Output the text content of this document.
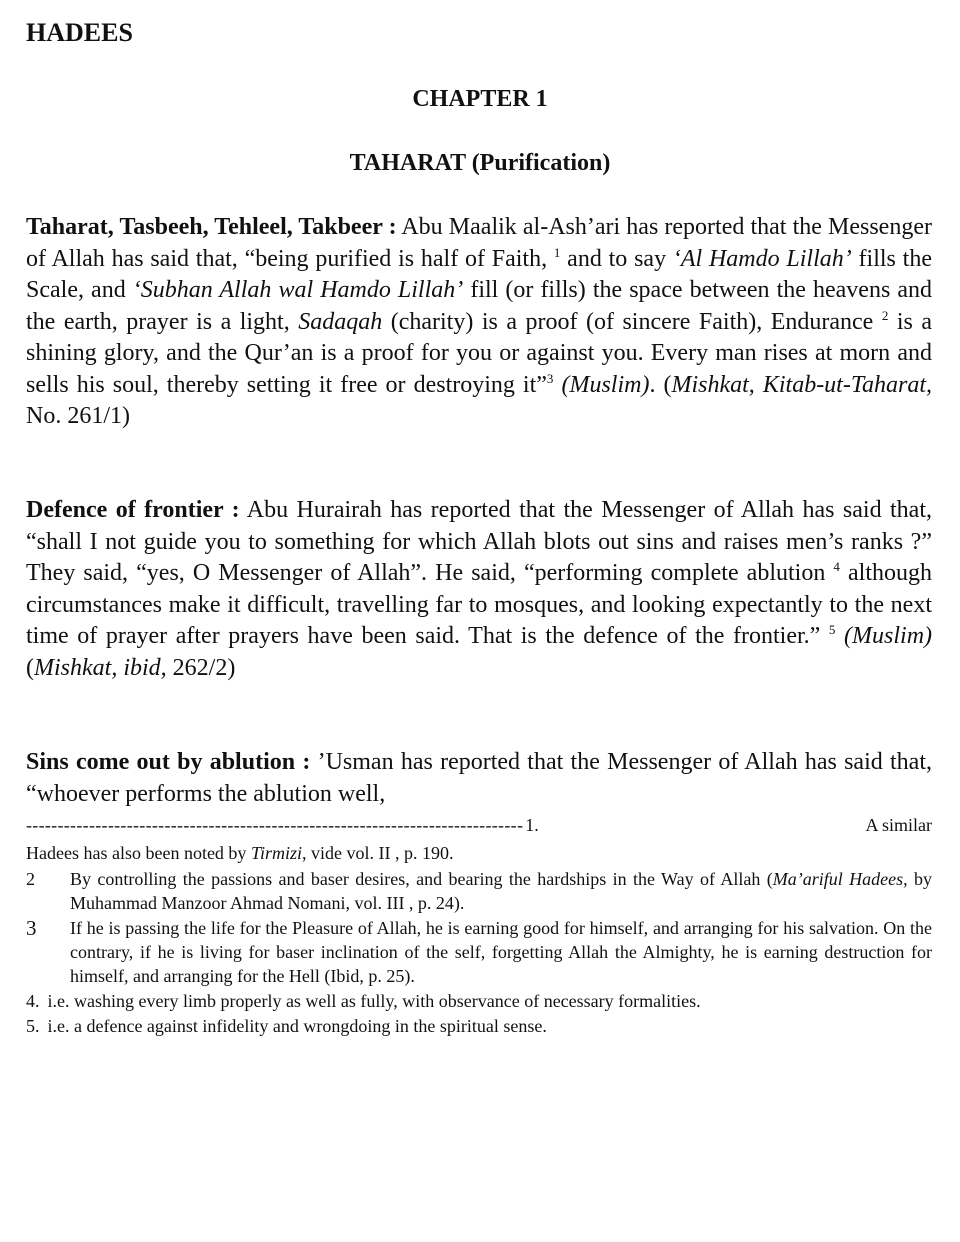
HADEES
CHAPTER 1
TAHARAT (Purification)

Taharat, Tasbeeh, Tehleel, Takbeer : Abu Maalik al-Ash’ari has reported that the Messenger of Allah has said that, “being purified is half of Faith, $^1$ and to say ‘Al Hamdo Lillah’ fills the Scale, and ‘Subhan Allah wal Hamdo Lillah’ fill (or fills) the space between the heavens and the earth, prayer is a light, Sadaqah (charity) is a proof (of sincere Faith), Endurance $^2$ is a shining glory, and the Qur’an is a proof for you or against you. Every man rises at morn and sells his soul, thereby setting it free or destroying it”$^3$ (Muslim). (Mishkat, Kitab-ut-Taharat, No. 261/1)

Defence of frontier : Abu Hurairah has reported that the Messenger of Allah has said that, “shall I not guide you to something for which Allah blots out sins and raises men’s ranks ?” They said, “yes, O Messenger of Allah”. He said, “performing complete ablution $^4$ although circumstances make it difficult, travelling far to mosques, and looking expectantly to the next time of prayer after prayers have been said. That is the defence of the frontier.” $^5$ (Muslim) (Mishkat, ibid, 262/2)

Sins come out by ablution : ’Usman has reported that the Messenger of Allah has said that, “whoever performs the ablution well,

------------------------------------------------------------------------------- 1.	A similar
Hadees has also been noted by Tirmizi, vide vol. II , p. 190.
2	By controlling the passions and baser desires, and bearing the hardships in the Way of Allah (Ma’ariful Hadees, by Muhammad Manzoor Ahmad Nomani, vol. III , p. 24).
3	If he is passing the life for the Pleasure of Allah, he is earning good for himself, and arranging for his salvation. On the contrary, if he is living for baser inclination of the self, forgetting Allah the Almighty, he is earning destruction for himself, and arranging for the Hell (Ibid, p. 25).
4. i.e. washing every limb properly as well as fully, with observance of necessary formalities.
5. i.e. a defence against infidelity and wrongdoing in the spiritual sense.
